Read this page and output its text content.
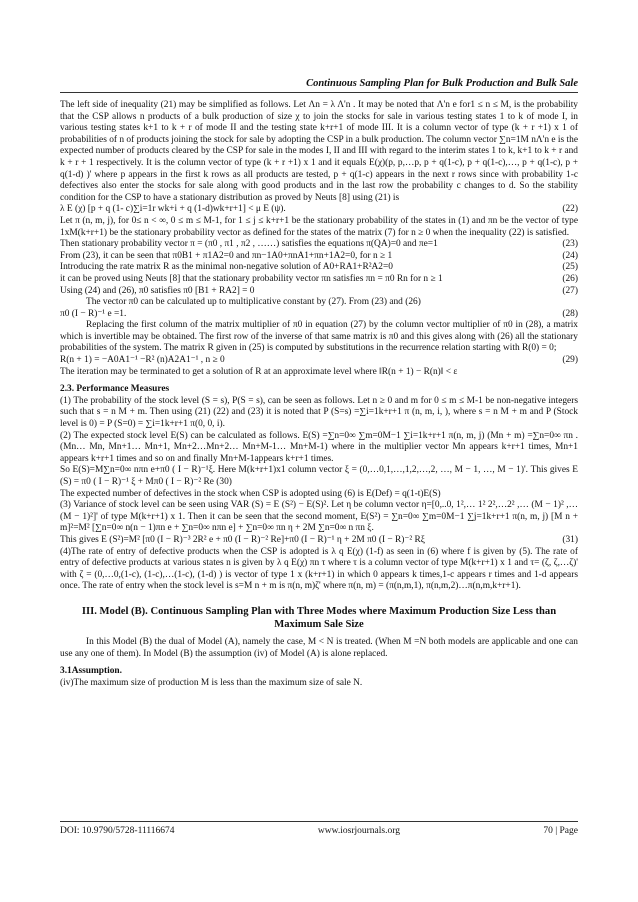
Continuous Sampling Plan for Bulk Production and Bulk Sale

The left side of inequality (21) may be simplified as follows. Let Λn = λ Λ'n . It may be noted that Λ'n e for1 ≤ n ≤ M, is the probability that the CSP allows n products of a bulk production of size χ to join the stocks for sale in various testing states 1 to k of mode I, in various testing states k+1 to k + r of mode II and the testing state k+r+1 of mode III. It is a column vector of type (k + r +1) x 1 of probabilities of n of products joining the stock for sale by adopting the CSP in a bulk production. The column vector ∑n=1M nΛ'n e is the expected number of products cleared by the CSP for sale in the modes I, II and III with regard to the interim states 1 to k, k+1 to k + r and k + r + 1 respectively. It is the column vector of type (k + r +1) x 1 and it equals E(χ)(p, p,…p, p + q(1-c), p + q(1-c),…, p + q(1-c), p + q(1-d) )' where p appears in the first k rows as all products are tested, p + q(1-c) appears in the next r rows since with probability 1-c defectives also enter the stocks for sale along with good products and in the last row the probability c changes to d. So the stability condition for the CSP to have a stationary distribution as proved by Neuts [8] using (21) is

λ E (χ) [p + q (1- c)∑i=1r wk+i + q (1-d)wk+r+1] < μ E (ψ).	(22)

Let π (n, m, j), for 0≤ n < ∞, 0 ≤ m ≤ M-1, for 1 ≤ j ≤ k+r+1 be the stationary probability of the states in (1) and πn be the vector of type 1xM(k+r+1) be the stationary probability vector as defined for the states of the matrix (7) for n ≥ 0 when the inequality (22) is satisfied.

Then stationary probability vector π = (π0 , π1 , π2 , ……) satisfies the equations π(QA)=0 and πe=1	(23)

From (23), it can be seen that π0B1 + π1A2=0 and πn−1A0+πnA1+πn+1A2=0, for n ≥ 1	(24)

Introducing the rate matrix R as the minimal non-negative solution of A0+RA1+R²A2=0	(25)

it can be proved using Neuts [8] that the stationary probability vector πn satisfies πn = π0 Rn for n ≥ 1	(26)

Using (24) and (26), π0 satisfies π0 [B1 + RA2] = 0	(27)

The vector π0 can be calculated up to multiplicative constant by (27). From (23) and (26)

π0 (I − R)⁻¹ e =1.	(28)

Replacing the first column of the matrix multiplier of π0 in equation (27) by the column vector multiplier of π0 in (28), a matrix which is invertible may be obtained. The first row of the inverse of that same matrix is π0 and this gives along with (26) all the stationary probabilities of the system. The matrix R given in (25) is computed by substitutions in the recurrence relation starting with R(0) = 0;

R(n + 1) = −A0A1⁻¹ −R² (n)A2A1⁻¹ , n ≥ 0	(29)

The iteration may be terminated to get a solution of R at an approximate level where ‖R(n + 1) − R(n)‖ < ε

2.3. Performance Measures

(1) The probability of the stock level (S = s), P(S = s), can be seen as follows. Let n ≥ 0 and m for 0 ≤ m ≤ M-1 be non-negative integers such that s = n M + m. Then using (21) (22) and (23) it is noted that P (S=s) =∑i=1k+r+1 π (n, m, i, ), where s = n M + m and P (Stock level is 0) = P (S=0) = ∑i=1k+r+1 π(0, 0, i).

(2) The expected stock level E(S) can be calculated as follows. E(S) =∑n=0∞ ∑m=0M−1 ∑i=1k+r+1 π(n, m, j) (Mn + m) =∑n=0∞ πn . (Mn… Mn, Mn+1… Mn+1, Mn+2…Mn+2… Mn+M-1… Mn+M-1) where in the multiplier vector Mn appears k+r+1 times, Mn+1 appears k+r+1 times and so on and finally Mn+M-1appears k+r+1 times.

So E(S)=M∑n=0∞ nπn e+π0 ( I − R)⁻¹ξ. Here M(k+r+1)x1 column vector ξ = (0,…0,1,…,1,2,…,2, …, M − 1, …, M − 1)'. This gives E (S) = π0 ( I − R)⁻¹ ξ + Mπ0 ( I − R)⁻² Re (30)

The expected number of defectives in the stock when CSP is adopted using (6) is E(Def) = q(1-t)E(S)

(3) Variance of stock level can be seen using VAR (S) = E (S²) − E(S)². Let η be column vector η=[0,..0, 1²,… 1² 2²,…2² ,… (M − 1)² ,… (M − 1)²]' of type M(k+r+1) x 1. Then it can be seen that the second moment, E(S²) = ∑n=0∞ ∑m=0M−1 ∑j=1k+r+1 π(n, m, j) [M n + m]²=M² [∑n=0∞ n(n − 1)πn e + ∑n=0∞ nπn e] + ∑n=0∞ πn η + 2M ∑n=0∞ n πn ξ.

This gives E (S²)=M² [π0 (I − R)⁻³ 2R² e + π0 (I − R)⁻² Re]+π0 (I − R)⁻¹ η + 2M π0 (I − R)⁻² Rξ	(31)

(4)The rate of entry of defective products when the CSP is adopted is λ q E(χ) (1-f) as seen in (6) where f is given by (5). The rate of entry of defective products at various states n is given by λ q E(χ) πn τ where τ is a column vector of type M(k+r+1) x 1 and τ= (ζ, ζ,…ζ)' with ζ = (0,…0,(1-c), (1-c),…(1-c), (1-d) ) is vector of type 1 x (k+r+1) in which 0 appears k times,1-c appears r times and 1-d appears once. The rate of entry when the stock level is s=M n + m is π(n, m)ζ' where π(n, m) = (π(n,m,1), π(n,m,2)…π(n,m,k+r+1).

III. Model (B). Continuous Sampling Plan with Three Modes where Maximum Production Size Less than Maximum Sale Size

In this Model (B) the dual of Model (A), namely the case, M < N is treated. (When M =N both models are applicable and one can use any one of them). In Model (B) the assumption (iv) of Model (A) is alone replaced.

3.1Assumption.

(iv)The maximum size of production M is less than the maximum size of sale N.

DOI: 10.9790/5728-11116674	www.iosrjournals.org	70 | Page
